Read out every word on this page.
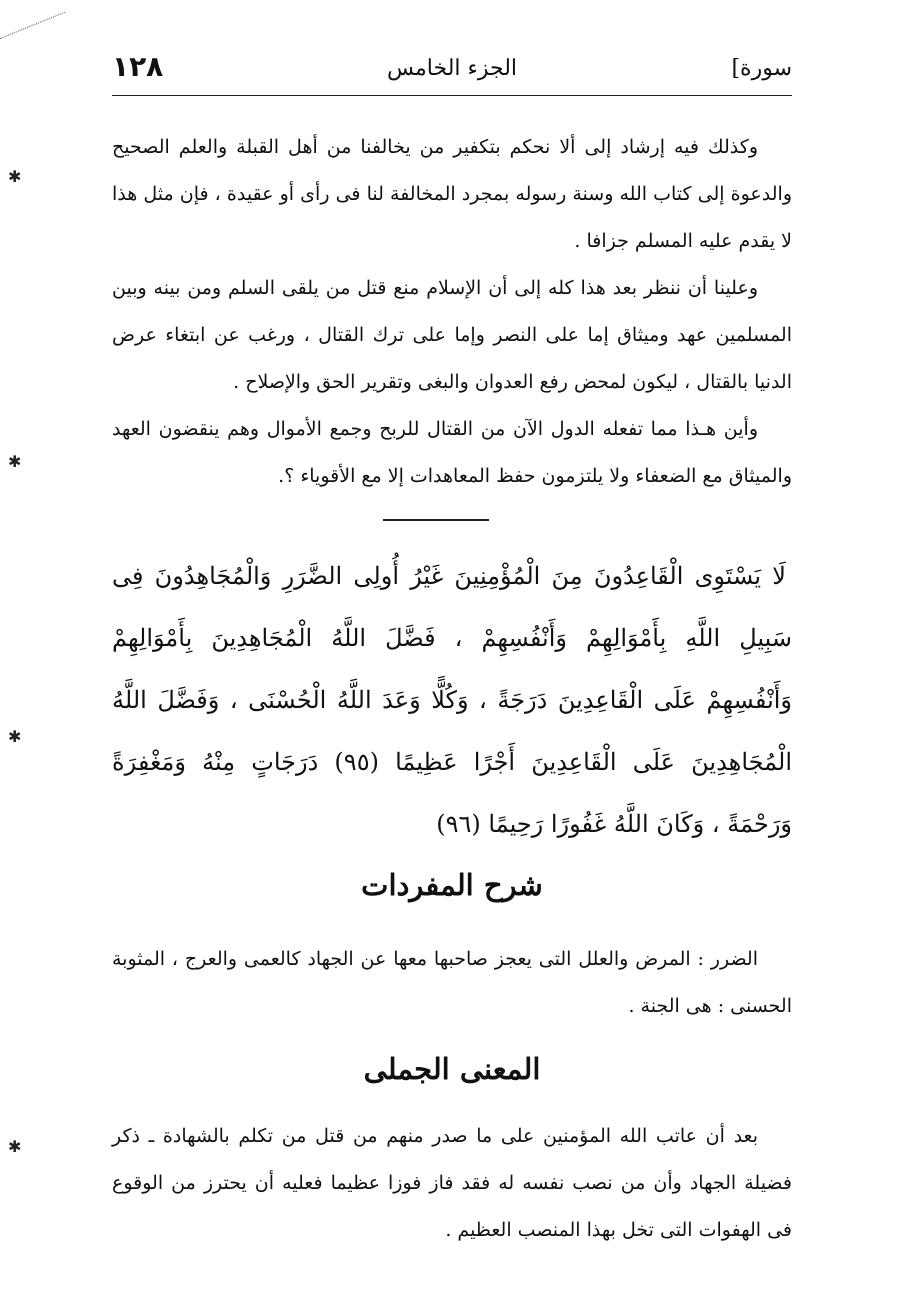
١٢٨	الجزء الخامس	[سورة

وكذلك فيه إرشاد إلى ألا نحكم بتكفير من يخالفنا من أهل القبلة والعلم الصحيح والدعوة إلى كتاب الله وسنة رسوله بمجرد المخالفة لنا فى رأى أو عقيدة ، فإن مثل هذا لا يقدم عليه المسلم جزافا .

وعلينا أن ننظر بعد هذا كله إلى أن الإسلام منع قتل من يلقى السلم ومن بينه وبين المسلمين عهد وميثاق إما على النصر وإما على ترك القتال ، ورغب عن ابتغاء عرض الدنيا بالقتال ، ليكون لمحض رفع العدوان والبغى وتقرير الحق والإصلاح .

وأين هـذا مما تفعله الدول الآن من القتال للربح وجمع الأموال وهم ينقضون العهد والميثاق مع الضعفاء ولا يلتزمون حفظ المعاهدات إلا مع الأقوياء ؟.

لَا يَسْتَوِى الْقَاعِدُونَ مِنَ الْمُؤْمِنِينَ غَيْرُ أُولِى الضَّرَرِ وَالْمُجَاهِدُونَ فِى سَبِيلِ اللَّهِ بِأَمْوَالِهِمْ وَأَنْفُسِهِمْ ، فَضَّلَ اللَّهُ الْمُجَاهِدِينَ بِأَمْوَالِهِمْ وَأَنْفُسِهِمْ عَلَى الْقَاعِدِينَ دَرَجَةً ، وَكُلًّا وَعَدَ اللَّهُ الْحُسْنَى ، وَفَضَّلَ اللَّهُ الْمُجَاهِدِينَ عَلَى الْقَاعِدِينَ أَجْرًا عَظِيمًا (٩٥) دَرَجَاتٍ مِنْهُ وَمَغْفِرَةً وَرَحْمَةً ، وَكَانَ اللَّهُ غَفُورًا رَحِيمًا (٩٦)
شرح المفردات

الضرر : المرض والعلل التى يعجز صاحبها معها عن الجهاد كالعمى والعرج ، المثوبة الحسنى : هى الجنة .

المعنى الجملى

بعد أن عاتب الله المؤمنين على ما صدر منهم من قتل من تكلم بالشهادة ـ ذكر فضيلة الجهاد وأن من نصب نفسه له فقد فاز فوزا عظيما فعليه أن يحترز من الوقوع فى الهفوات التى تخل بهذا المنصب العظيم .

✱
✱
✱
✱
